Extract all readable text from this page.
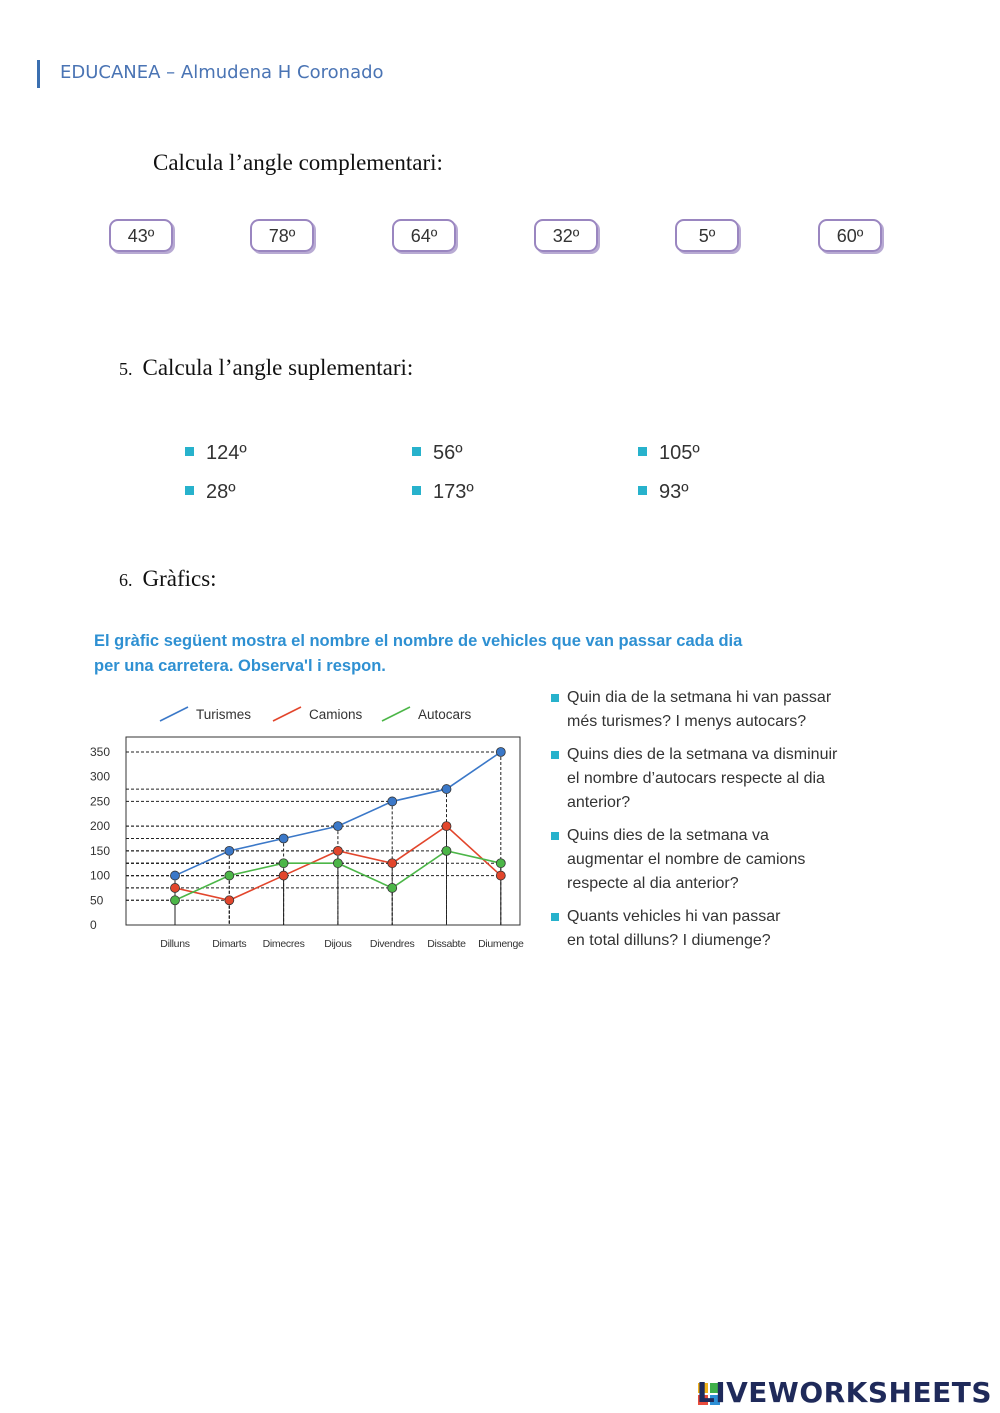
EDUCANEA – Almudena H Coronado
Calcula l’angle complementari:
43º	78º	64º	32º	5º	60º
5. Calcula l’angle suplementari:
124º	56º	105º
28º	173º	93º
6. Gràfics:
El gràfic següent mostra el nombre el nombre de vehicles que van passar cada dia
per una carretera. Observa'l i respon.
0
50
100
150
200
250
300
350
Dilluns Dimarts Dimecres Dijous Divendres Dissabte Diumenge
Turismes	Camions	Autocars
Quin dia de la setmana hi van passar
més turismes? I menys autocars?
Quins dies de la setmana va disminuir
el nombre d’autocars respecte al dia
anterior?
Quins dies de la setmana va
augmentar el nombre de camions
respecte al dia anterior?
Quants vehicles hi van passar
en total dilluns? I diumenge?
LIVEWORKSHEETS
